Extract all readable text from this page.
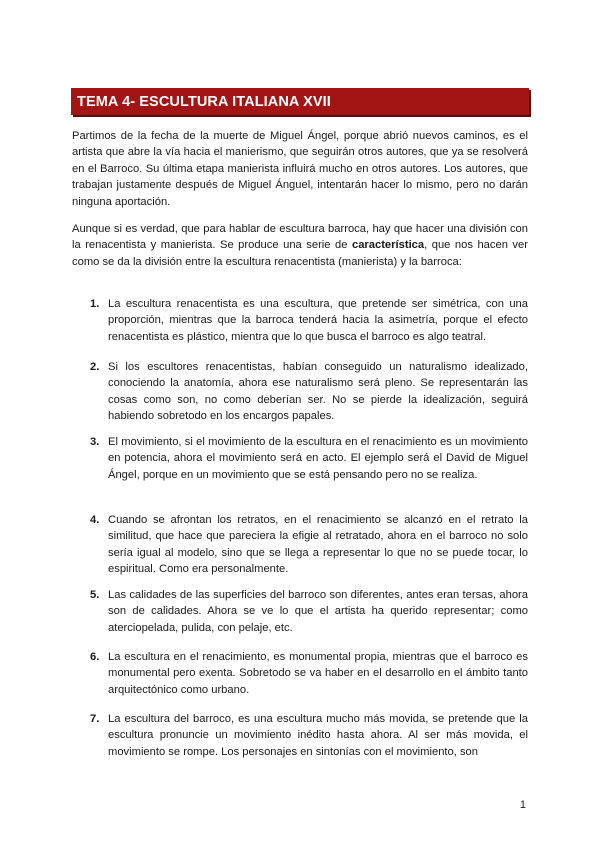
TEMA 4- ESCULTURA ITALIANA XVII

Partimos de la fecha de la muerte de Miguel Ángel, porque abrió nuevos caminos, es el artista que abre la vía hacia el manierismo, que seguirán otros autores, que ya se resolverá en el Barroco. Su última etapa manierista influirá mucho en otros autores. Los autores, que trabajan justamente después de Miguel Ánguel, intentarán hacer lo mismo, pero no darán ninguna aportación.

Aunque si es verdad, que para hablar de escultura barroca, hay que hacer una división con la renacentista y manierista. Se produce una serie de característica, que nos hacen ver como se da la división entre la escultura renacentista (manierista) y la barroca:

1. La escultura renacentista es una escultura, que pretende ser simétrica, con una proporción, mientras que la barroca tenderá hacia la asimetría, porque el efecto renacentista es plástico, mientra que lo que busca el barroco es algo teatral.

2. Si los escultores renacentistas, habían conseguido un naturalismo idealizado, conociendo la anatomía, ahora ese naturalismo será pleno. Se representarán las cosas como son, no como deberían ser. No se pierde la idealización, seguirá habiendo sobretodo en los encargos papales.

3. El movimiento, si el movimiento de la escultura en el renacimiento es un movimiento en potencia, ahora el movimiento será en acto. El ejemplo será el David de Miguel Ángel, porque en un movimiento que se está pensando pero no se realiza.

4. Cuando se afrontan los retratos, en el renacimiento se alcanzó en el retrato la similitud, que hace que pareciera la efigie al retratado, ahora en el barroco no solo sería igual al modelo, sino que se llega a representar lo que no se puede tocar, lo espiritual. Como era personalmente.

5. Las calidades de las superficies del barroco son diferentes, antes eran tersas, ahora son de calidades. Ahora se ve lo que el artista ha querido representar; como aterciopelada, pulida, con pelaje, etc.

6. La escultura en el renacimiento, es monumental propia, mientras que el barroco es monumental pero exenta. Sobretodo se va haber en el desarrollo en el ámbito tanto arquitectónico como urbano.

7. La escultura del barroco, es una escultura mucho más movida, se pretende que la escultura pronuncie un movimiento inédito hasta ahora. Al ser más movida, el movimiento se rompe. Los personajes en sintonías con el movimiento, son

1
